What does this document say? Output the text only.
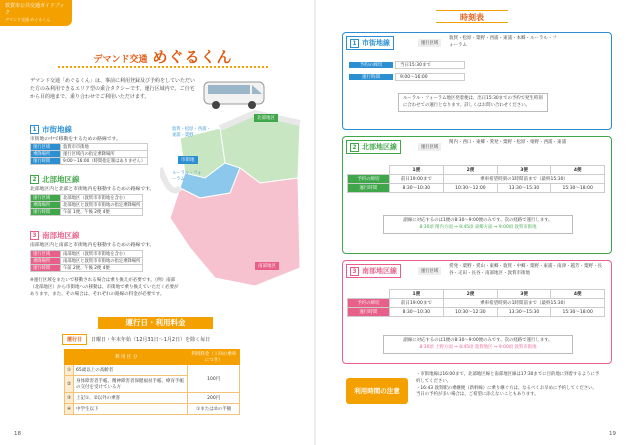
敦賀市公共交通ガイドブック
デマンド交通 めぐるくん
デマンド交通 めぐるくん
デマンド交通「めぐるくん」は、事前に利用登録及び予約をしていただいた方のみ利用できるエリア型の乗合タクシーです。運行区域内で、ご自宅から目的地まで、乗り合わせでご利用いただけます。
1 市街地線
市街地の中で移動をするための路線です。
運行区域	敦賀市市街地
乗降場所	運行区域内の指定乗降場所
運行時間	9:00〜16:00（時間指定制はありません）
2 北部地区線
北部地区内と北部と市街地内を移動するための路線です。
運行区域	北部地区（敦賀市市街地を含む）
乗降場所	北部地区と敦賀市市街地の指定乗降場所
運行時間	午前 1便、午後 2便 4便
3 南部地区線
南部地区内と南部と市街地内を移動するための路線です。
運行区域	南部地区（敦賀市市街地を含む）
乗降場所	南部地区と敦賀市市街地の指定乗降場所
運行時間	午前 2便、午後 2便 4便
※運行区域をまたいで移動される場合は乗り換えが必要です。（例）南部（北部地区）から市街地への移動は、市街地で乗り換えていただく必要があります。また、その場合は、それぞれの路線の料金が必要です。
北部地区
敦賀・松原・西浦・東浦・粟野
市街地
ルーラル・フォーラム
南部地区
運行日・利用料金
運行日	日曜日・年末年始（12月31日〜1月2日）を除く毎日
利 用 区 分		利用料金（１回の乗車につき）
①	65歳以上の高齢者	100円
②	身体障害者手帳、精神障害者保健福祉手帳、療育手帳の交付を受けている方	
③	上記①、②以外の乗客	200円
④	中学生以下	①または②の半額
18
時刻表
1 市街地線	運行区域
敦賀・松原・粟野・西浦・東浦・本郷・ルーラル・フォーラム
予約の締切	当日15:30まで
運行時間	9:00〜16:00
ルーラル・フォーラム地区発着便は、出日15:30までの予約で発生時刻に合わせての運行となります。詳しくはお問い合わせください。
2 北部地区線	運行区域
関内・西口・東郷・愛発・粟野・松原・栗野・西浦・東浦
	1便	2便	3便	4便
予約の締切	前日19:00まで	乗車希望時刻の1時間前まで（最終15:30）		
運行時間	8:30〜10:30	10:30〜12:00	13:30〜15:30	15:30〜18:00
副線に対応するのは1便の8:30〜9:00便のみです。次の経路で運行します。
8:30頃 関内方面 ⇒ 8:45頃 東郷方面 ⇒ 9:00頃 敦賀市街地
3 南部地区線	運行区域
愛発・粟野・愛山・東郷・敦賀・中郷・粟野・東浦・南津・越芳・粟野・長谷・疋田・長谷・南部地区・敦賀市街地
	1便	2便	3便	4便
予約の締切	前日19:00まで	乗車希望時刻の1時間前まで（最終15:30）		
運行時間	8:30〜10:30	10:30〜12:30	13:30〜15:30	15:30〜18:00
副線に対応するのは1便の8:30〜9:00便のみです。次の経路で運行します。
8:30頃 上野方面 ⇒ 8:45頃 敦賀地区 ⇒ 9:00頃 敦賀市街地
利用時間の注意
・市街地線は16:00まで、北部地区線と南部地区線は17:30までに目的地に到着するように予約してください。
・16:43 敦賀駅の乗継便（新幹線）に乗り継ぐ方は、なるべくお早めに予約してください。当日の予約が多い場合は、ご希望に添えないこともあります。
19
